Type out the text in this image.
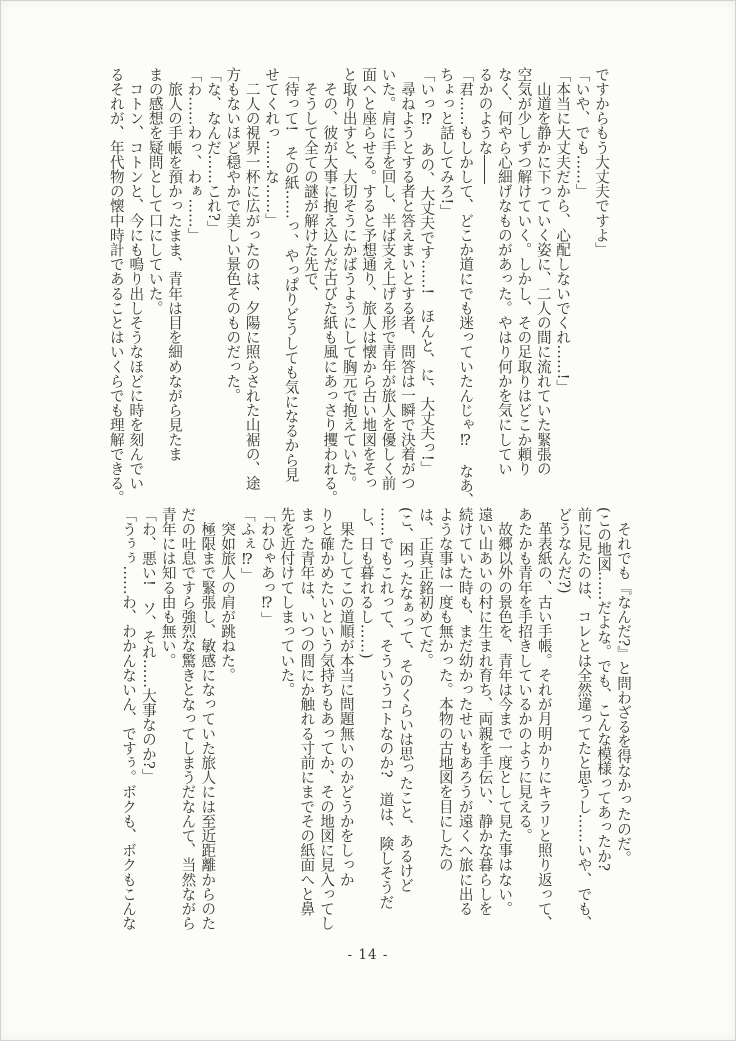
ですからもう大丈夫ですよ」

「いや、でも……」

「本当に大丈夫だから、心配しないでくれ……!」

　山道を静かに下っていく姿に、二人の間に流れていた緊張の

空気が少しずつ解けていく。しかし、その足取りはどこか頼り

なく、何やら心細げなものがあった。やはり何かを気にしてい

るかのような――

「君……もしかして、どこか道にでも迷っていたんじゃ⁉　なあ、

ちょっと話してみろ!」

「いっ⁉　あの、大丈夫です……!　ほんと、に、大丈夫っ!」

　尋ねようとする者と答えまいとする者、問答は一瞬で決着がつ

いた。肩に手を回し、半ば支え上げる形で青年が旅人を優しく前

面へと座らせる。すると予想通り、旅人は懐から古い地図をそっ

と取り出すと、大切そうにかばうようにして胸元で抱えていた。

　その、彼が大事に抱え込んだ古びた紙も風にあっさり攫われる。

　そうして全ての謎が解けた先で、

「待って!　その紙……っ、やっぱりどうしても気になるから見

せてくれっ……な……」

　二人の視界一杯に広がったのは、夕陽に照らされた山裾の、途

方もないほど穏やかで美しい景色そのものだった。

「な、なんだ……これ?」

「わ……わっ、わぁ……」

　旅人の手帳を預かったまま、青年は目を細めながら見たま

まの感想を疑問として口にしていた。

　コトン、コトンと、今にも鳴り出しそうなほどに時を刻んでい

るそれが、年代物の懐中時計であることはいくらでも理解できる。

　それでも『なんだ?』と問わざるを得なかったのだ。

(この地図……だよな。でも、こんな模様ってあったか?

前に見たのは、コレとは全然違ってたと思うし……いや、でも、

どうなんだ?)

　革表紙の、古い手帳。それが月明かりにキラリと照り返って、

あたかも青年を手招きしているかのように見える。

　故郷以外の景色を、青年は今まで一度として見た事はない。

遠い山あいの村に生まれ育ち、両親を手伝い、静かな暮らしを

続けていた時も、まだ幼かったせいもあろうが遠くへ旅に出る

ような事は一度も無かった。本物の古地図を目にしたの

は、正真正銘初めてだ。

(こ、困ったなぁって、そのくらいは思ったこと、あるけど

……でもこれって、そういうコトなのか?　道は、険しそうだ

し、日も暮れるし……)

　果たしてこの道順が本当に問題無いのかどうかをしっか

りと確かめたいという気持ちもあってか、その地図に見入ってし

まった青年は、いつの間にか触れる寸前にまでその紙面へと鼻

先を近付けてしまっていた。

「わひゃあっ⁉」

「ふぇ⁉」

　突如旅人の肩が跳ねた。

　極限まで緊張し、敏感になっていた旅人には至近距離からのた

だの吐息ですら強烈な驚きとなってしまうだなんて、当然ながら

青年には知る由も無い。

「わ、悪い!　ソ、それ……大事なのか?」

「うぅぅ……わ、わかんないん、ですぅ。ボクも、ボクもこんな

- 14 -
